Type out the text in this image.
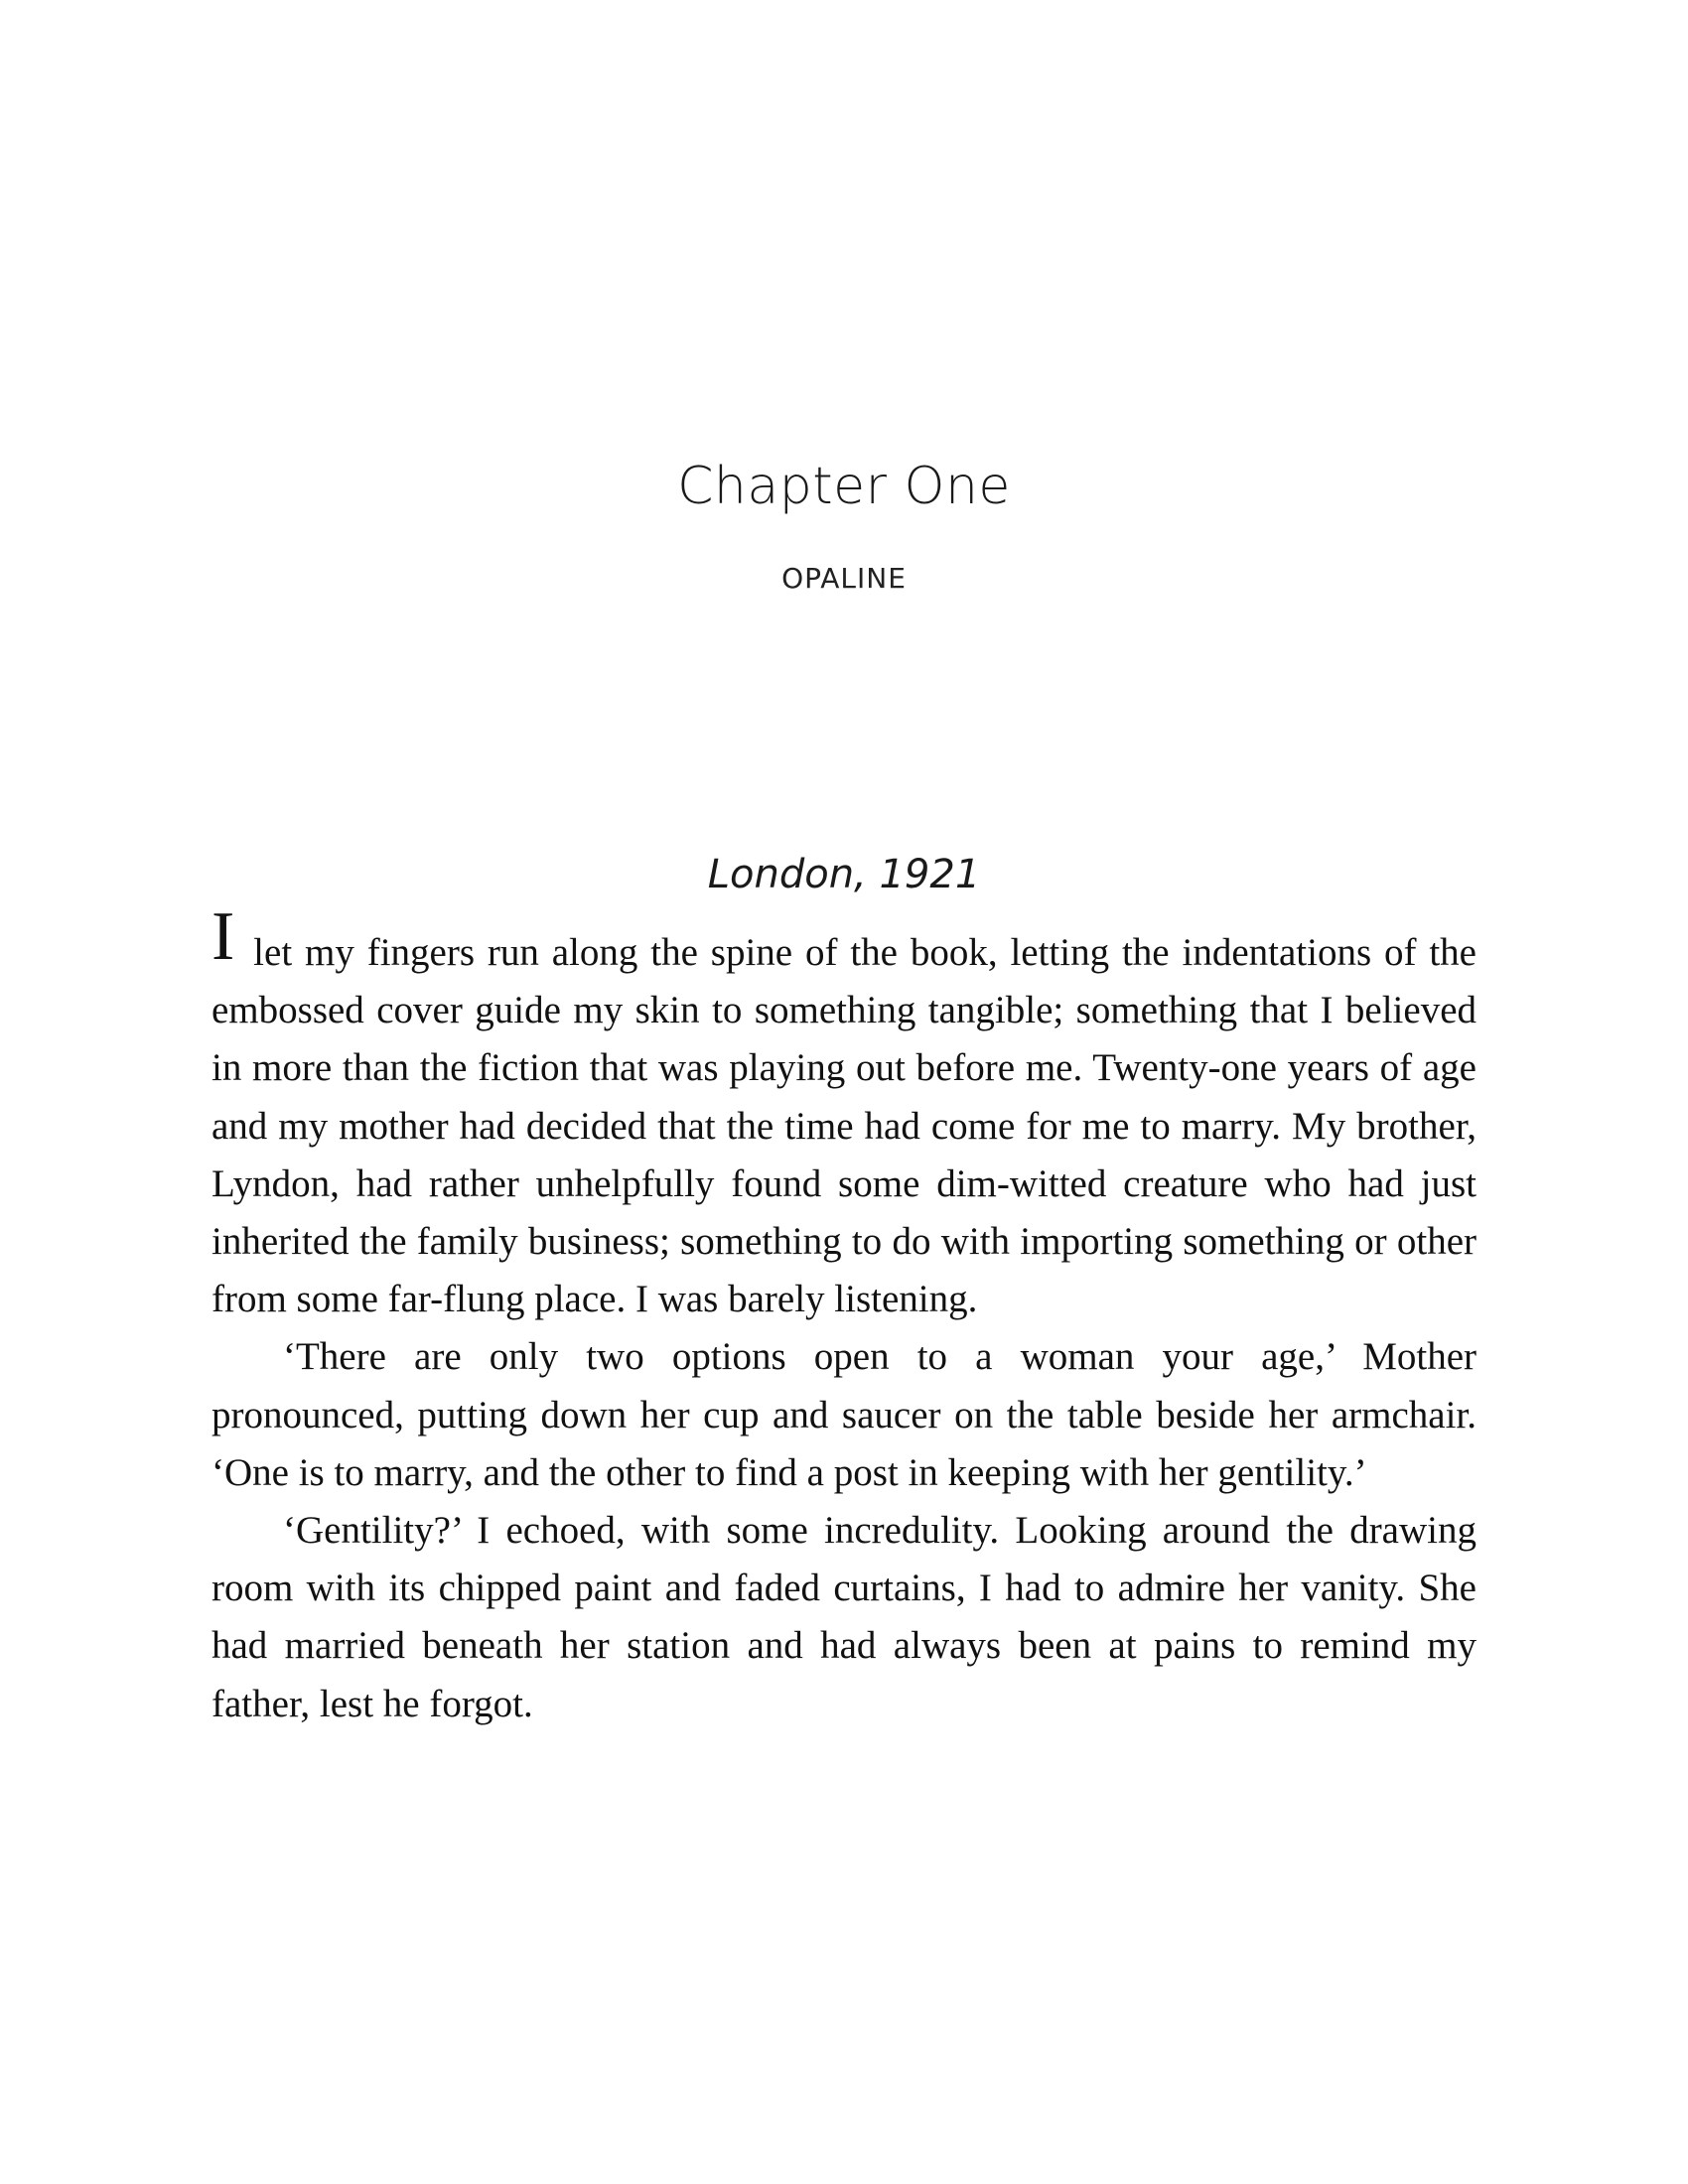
Chapter One
OPALINE
London, 1921

I let my fingers run along the spine of the book, letting the indentations of the embossed cover guide my skin to something tangible; something that I believed in more than the fiction that was playing out before me. Twenty-one years of age and my mother had decided that the time had come for me to marry. My brother, Lyndon, had rather unhelpfully found some dim-witted creature who had just inherited the family business; something to do with importing something or other from some far-flung place. I was barely listening.

‘There are only two options open to a woman your age,’ Mother pronounced, putting down her cup and saucer on the table beside her armchair. ‘One is to marry, and the other to find a post in keeping with her gentility.’

‘Gentility?’ I echoed, with some incredulity. Looking around the drawing room with its chipped paint and faded curtains, I had to admire her vanity. She had married beneath her station and had always been at pains to remind my father, lest he forgot.
